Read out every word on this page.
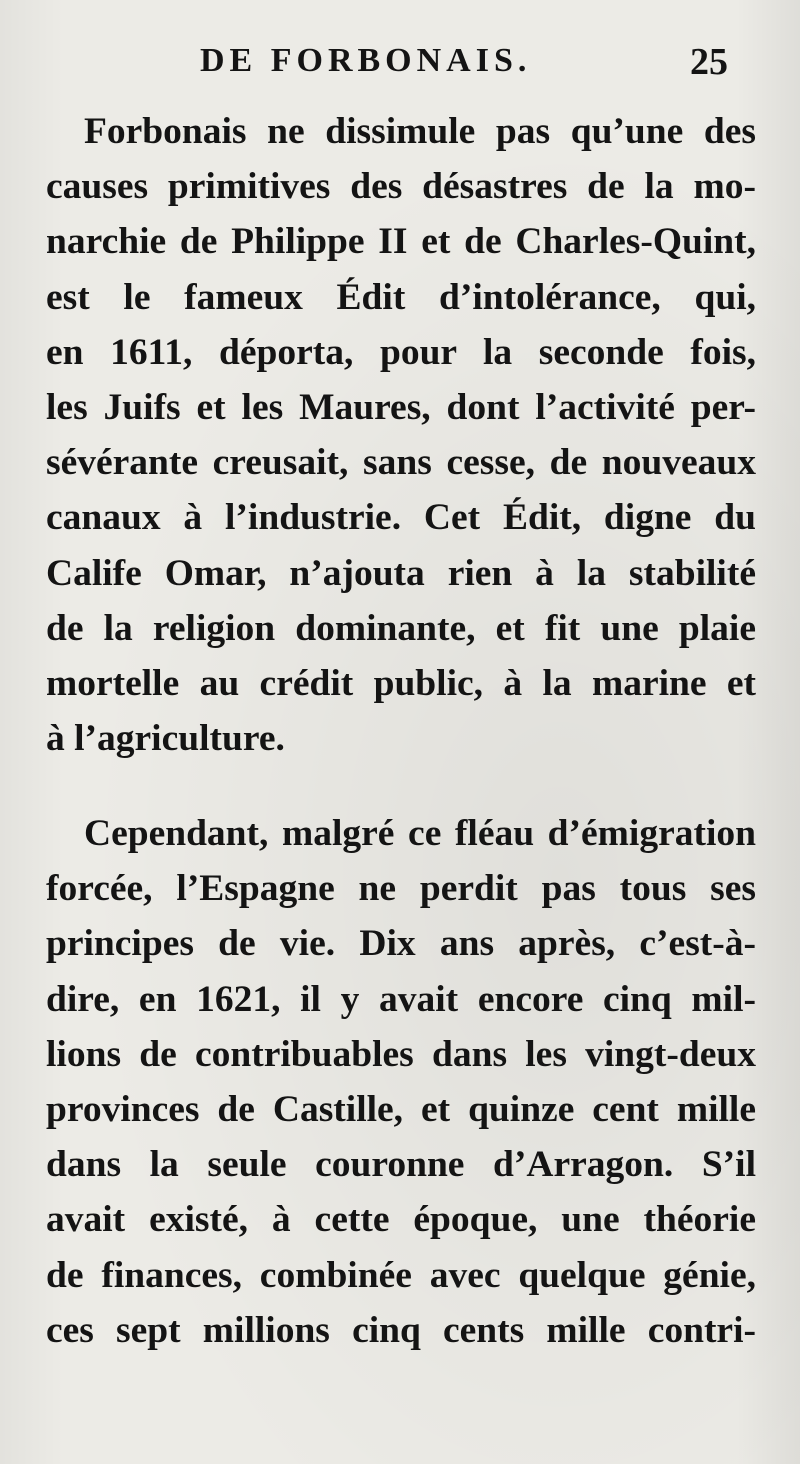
DE FORBONAIS.	25
Forbonais ne dissimule pas qu’une des
causes primitives des désastres de la mo-
narchie de Philippe II et de Charles-Quint,
est le fameux Édit d’intolérance, qui,
en 1611, déporta, pour la seconde fois,
les Juifs et les Maures, dont l’activité per-
sévérante creusait, sans cesse, de nouveaux
canaux à l’industrie. Cet Édit, digne du
Calife Omar, n’ajouta rien à la stabilité
de la religion dominante, et fit une plaie
mortelle au crédit public, à la marine et
à l’agriculture.
Cependant, malgré ce fléau d’émigration
forcée, l’Espagne ne perdit pas tous ses
principes de vie. Dix ans après, c’est-à-
dire, en 1621, il y avait encore cinq mil-
lions de contribuables dans les vingt-deux
provinces de Castille, et quinze cent mille
dans la seule couronne d’Arragon. S’il
avait existé, à cette époque, une théorie
de finances, combinée avec quelque génie,
ces sept millions cinq cents mille contri-
